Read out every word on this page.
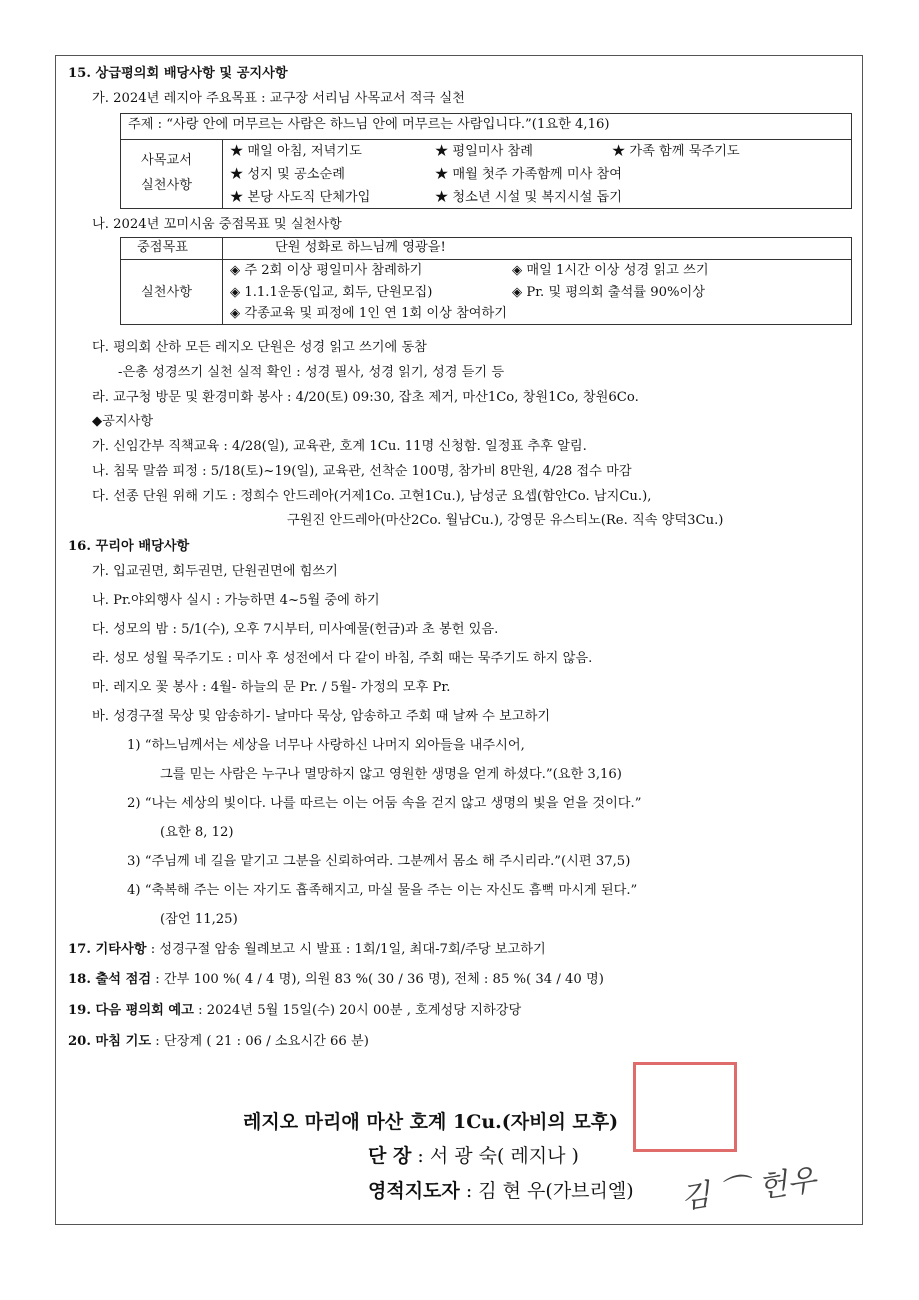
15. 상급평의회 배당사항 및 공지사항
가. 2024년 레지아 주요목표 : 교구장 서리님 사목교서 적극 실천
주제 : “사랑 안에 머무르는 사람은 하느님 안에 머무르는 사람입니다.”(1요한 4,16)
사목교서
실천사항
★ 매일 아침, 저녁기도	★ 평일미사 참례	★ 가족 함께 묵주기도
★ 성지 및 공소순례	★ 매월 첫주 가족함께 미사 참여
★ 본당 사도직 단체가입	★ 청소년 시설 및 복지시설 돕기
나. 2024년 꼬미시움 중점목표 및 실천사항
중점목표	단원 성화로 하느님께 영광을!
실천사항
◈ 주 2회 이상 평일미사 참례하기	◈ 매일 1시간 이상 성경 읽고 쓰기
◈ 1.1.1운동(입교, 회두, 단원모집)	◈ Pr. 및 평의회 출석률 90%이상
◈ 각종교육 및 피정에 1인 연 1회 이상 참여하기
다. 평의회 산하 모든 레지오 단원은 성경 읽고 쓰기에 동참
-은총 성경쓰기 실천 실적 확인 : 성경 필사, 성경 읽기, 성경 듣기 등
라. 교구청 방문 및 환경미화 봉사 : 4/20(토) 09:30, 잡초 제거, 마산1Co, 창원1Co, 창원6Co.
◆공지사항
가. 신임간부 직책교육 : 4/28(일), 교육관, 호계 1Cu. 11명 신청함. 일정표 추후 알림.
나. 침묵 말씀 피정 : 5/18(토)~19(일), 교육관, 선착순 100명, 참가비 8만원, 4/28 접수 마감
다. 선종 단원 위해 기도 : 정희수 안드레아(거제1Co. 고현1Cu.), 남성군 요셉(함안Co. 남지Cu.),
구원진 안드레아(마산2Co. 월남Cu.), 강영문 유스티노(Re. 직속 양덕3Cu.)
16. 꾸리아 배당사항
가. 입교권면, 회두권면, 단원권면에 힘쓰기
나. Pr.야외행사 실시 : 가능하면 4~5월 중에 하기
다. 성모의 밤 : 5/1(수), 오후 7시부터, 미사예물(헌금)과 초 봉헌 있음.
라. 성모 성월 묵주기도 : 미사 후 성전에서 다 같이 바침, 주회 때는 묵주기도 하지 않음.
마. 레지오 꽃 봉사 : 4월- 하늘의 문 Pr. / 5월- 가정의 모후 Pr.
바. 성경구절 묵상 및 암송하기- 날마다 묵상, 암송하고 주회 때 날짜 수 보고하기
1) “하느님께서는 세상을 너무나 사랑하신 나머지 외아들을 내주시어,
그를 믿는 사람은 누구나 멸망하지 않고 영원한 생명을 얻게 하셨다.”(요한 3,16)
2) “나는 세상의 빛이다. 나를 따르는 이는 어둠 속을 걷지 않고 생명의 빛을 얻을 것이다.”
(요한 8, 12)
3) “주님께 네 길을 맡기고 그분을 신뢰하여라. 그분께서 몸소 해 주시리라.”(시편 37,5)
4) “축복해 주는 이는 자기도 흡족해지고, 마실 물을 주는 이는 자신도 흠뻑 마시게 된다.”
(잠언 11,25)
17. 기타사항 : 성경구절 암송 월례보고 시 발표 : 1회/1일, 최대-7회/주당 보고하기
18. 출석 점검 : 간부 100 %( 4 / 4 명), 의원 83 %( 30 / 36 명), 전체 : 85 %( 34 / 40 명)
19. 다음 평의회 예고 : 2024년 5월 15일(수) 20시 00분 , 호계성당 지하강당
20. 마침 기도 : 단장계 ( 21 : 06 / 소요시간 66 분)
레지오 마리애 마산 호계 1Cu.(자비의 모후)
단 장 : 서 광 숙( 레지나 )
영적지도자 : 김 현 우(가브리엘) 김 ⌒ 헌우
